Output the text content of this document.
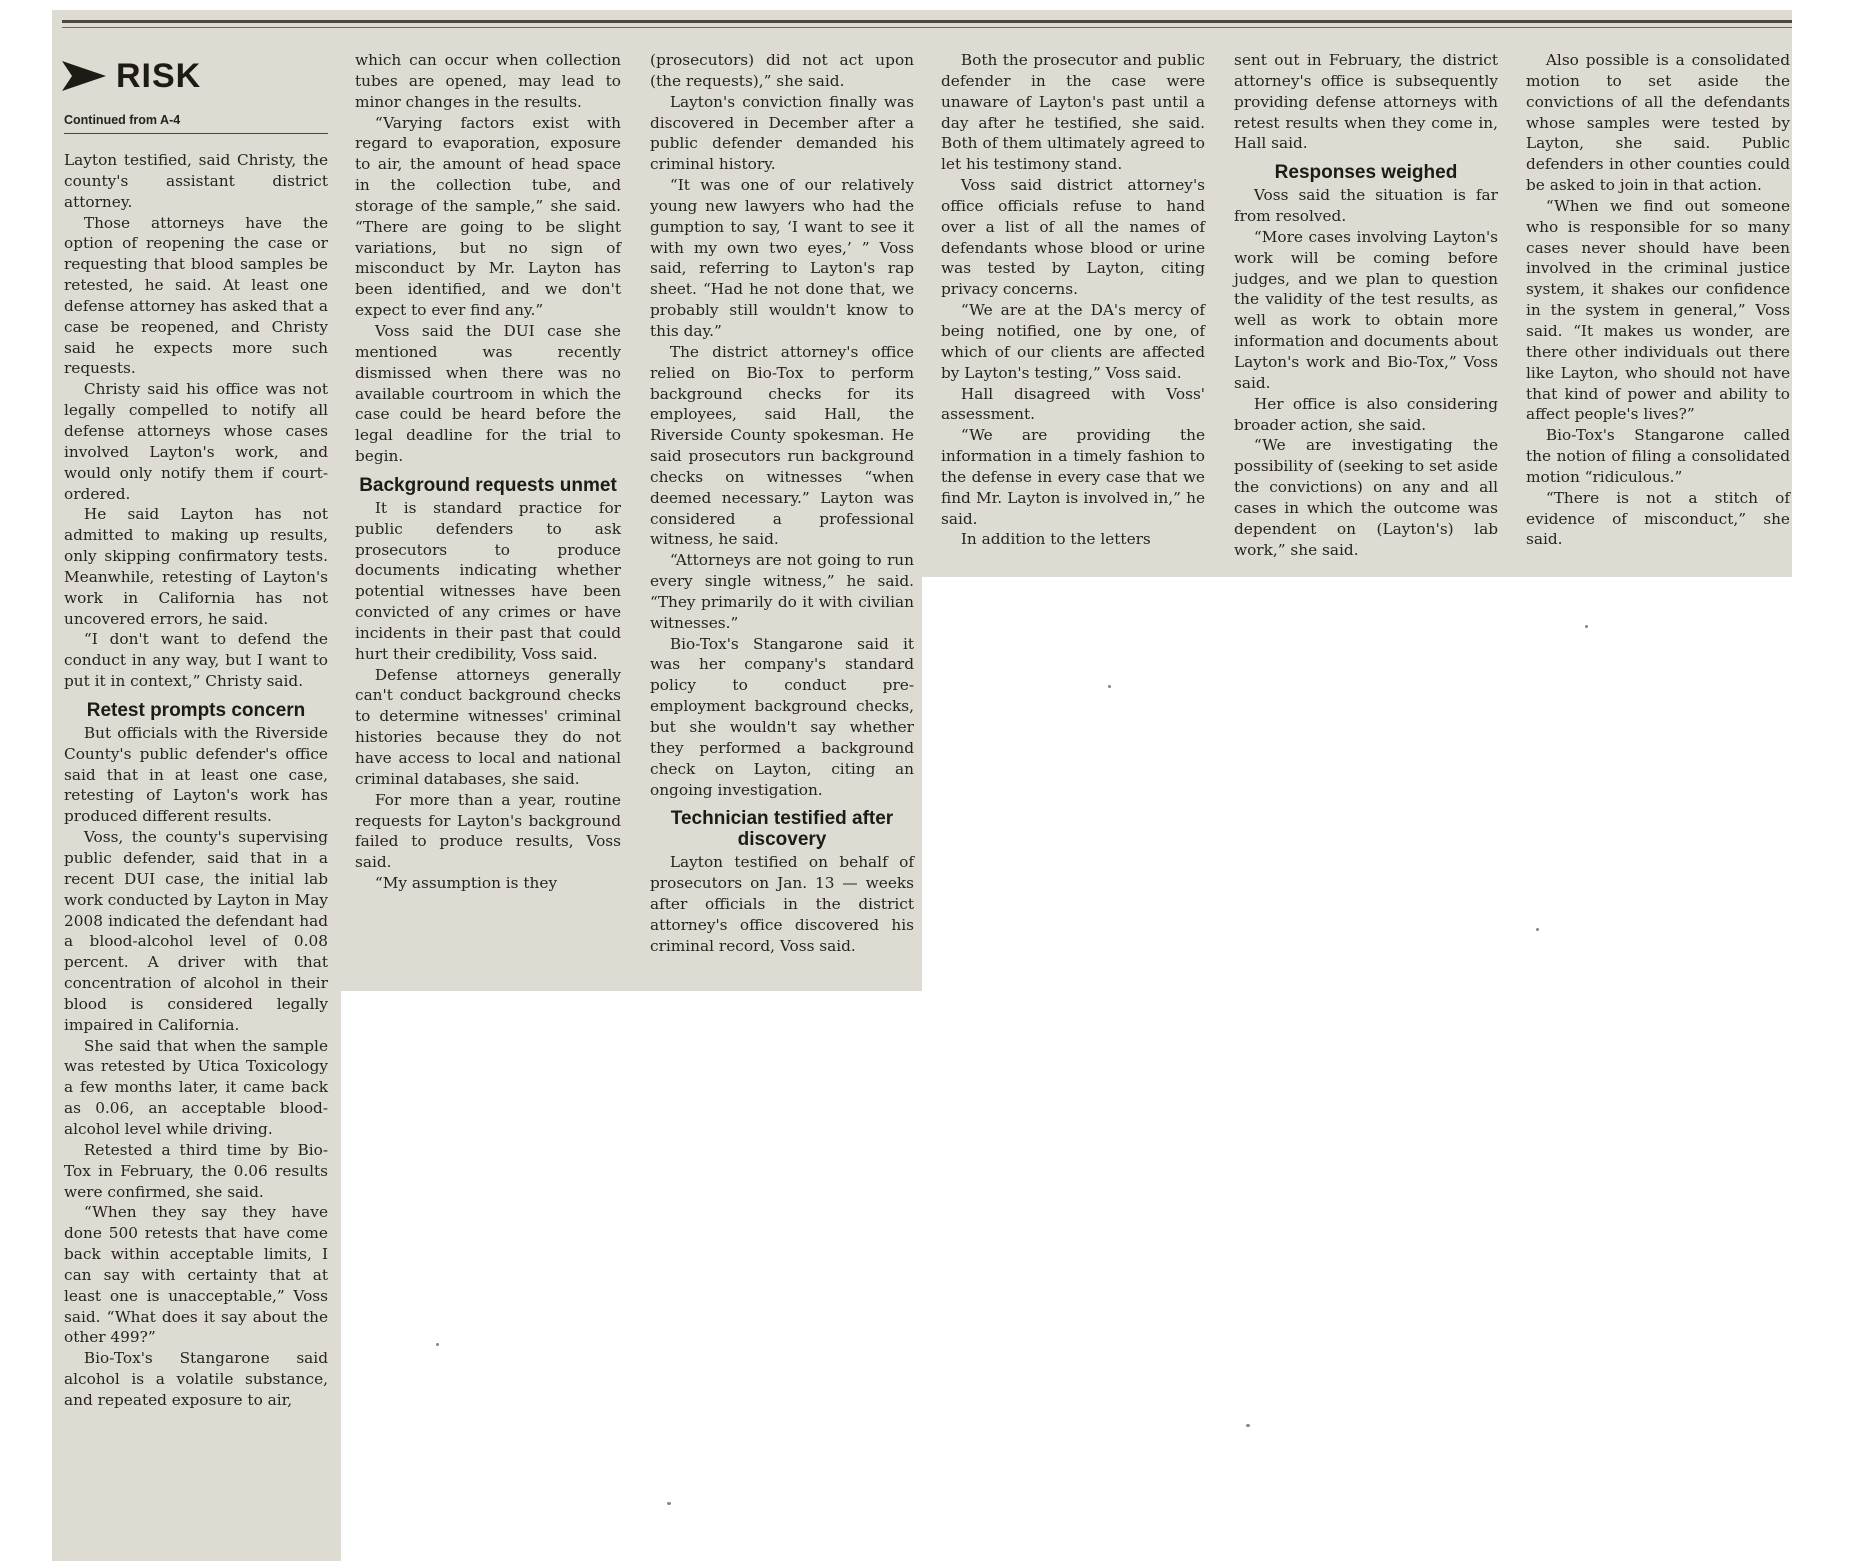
RISK
Continued from A-4

Layton testified, said Christy, the county's assistant district attorney.

Those attorneys have the option of reopening the case or requesting that blood samples be retested, he said. At least one defense attorney has asked that a case be reopened, and Christy said he expects more such requests.

Christy said his office was not legally compelled to notify all defense attorneys whose cases involved Layton's work, and would only notify them if court-ordered.

He said Layton has not admitted to making up results, only skipping confirmatory tests. Meanwhile, retesting of Layton's work in California has not uncovered errors, he said.

“I don't want to defend the conduct in any way, but I want to put it in context,” Christy said.

Retest prompts concern

But officials with the Riverside County's public defender's office said that in at least one case, retesting of Layton's work has produced different results.

Voss, the county's supervising public defender, said that in a recent DUI case, the initial lab work conducted by Layton in May 2008 indicated the defendant had a blood-alcohol level of 0.08 percent. A driver with that concentration of alcohol in their blood is considered legally impaired in California.

She said that when the sample was retested by Utica Toxicology a few months later, it came back as 0.06, an acceptable blood-alcohol level while driving.

Retested a third time by Bio-Tox in February, the 0.06 results were confirmed, she said.

“When they say they have done 500 retests that have come back within acceptable limits, I can say with certainty that at least one is unacceptable,” Voss said. “What does it say about the other 499?”

Bio-Tox's Stangarone said alcohol is a volatile substance, and repeated exposure to air,

which can occur when collection tubes are opened, may lead to minor changes in the results.

“Varying factors exist with regard to evaporation, exposure to air, the amount of head space in the collection tube, and storage of the sample,” she said. “There are going to be slight variations, but no sign of misconduct by Mr. Layton has been identified, and we don't expect to ever find any.”

Voss said the DUI case she mentioned was recently dismissed when there was no available courtroom in which the case could be heard before the legal deadline for the trial to begin.

Background requests unmet

It is standard practice for public defenders to ask prosecutors to produce documents indicating whether potential witnesses have been convicted of any crimes or have incidents in their past that could hurt their credibility, Voss said.

Defense attorneys generally can't conduct background checks to determine witnesses' criminal histories because they do not have access to local and national criminal databases, she said.

For more than a year, routine requests for Layton's background failed to produce results, Voss said.

“My assumption is they

(prosecutors) did not act upon (the requests),” she said.

Layton's conviction finally was discovered in December after a public defender demanded his criminal history.

“It was one of our relatively young new lawyers who had the gumption to say, ‘I want to see it with my own two eyes,’ ” Voss said, referring to Layton's rap sheet. “Had he not done that, we probably still wouldn't know to this day.”

The district attorney's office relied on Bio-Tox to perform background checks for its employees, said Hall, the Riverside County spokesman. He said prosecutors run background checks on witnesses “when deemed necessary.” Layton was considered a professional witness, he said.

“Attorneys are not going to run every single witness,” he said. “They primarily do it with civilian witnesses.”

Bio-Tox's Stangarone said it was her company's standard policy to conduct pre-employment background checks, but she wouldn't say whether they performed a background check on Layton, citing an ongoing investigation.

Technician testified after discovery

Layton testified on behalf of prosecutors on Jan. 13 — weeks after officials in the district attorney's office discovered his criminal record, Voss said.

Both the prosecutor and public defender in the case were unaware of Layton's past until a day after he testified, she said. Both of them ultimately agreed to let his testimony stand.

Voss said district attorney's office officials refuse to hand over a list of all the names of defendants whose blood or urine was tested by Layton, citing privacy concerns.

“We are at the DA's mercy of being notified, one by one, of which of our clients are affected by Layton's testing,” Voss said.

Hall disagreed with Voss' assessment.

“We are providing the information in a timely fashion to the defense in every case that we find Mr. Layton is involved in,” he said.

In addition to the letters

sent out in February, the district attorney's office is subsequently providing defense attorneys with retest results when they come in, Hall said.

Responses weighed

Voss said the situation is far from resolved.

“More cases involving Layton's work will be coming before judges, and we plan to question the validity of the test results, as well as work to obtain more information and documents about Layton's work and Bio-Tox,” Voss said.

Her office is also considering broader action, she said.

“We are investigating the possibility of (seeking to set aside the convictions) on any and all cases in which the outcome was dependent on (Layton's) lab work,” she said.

Also possible is a consolidated motion to set aside the convictions of all the defendants whose samples were tested by Layton, she said. Public defenders in other counties could be asked to join in that action.

“When we find out someone who is responsible for so many cases never should have been involved in the criminal justice system, it shakes our confidence in the system in general,” Voss said. “It makes us wonder, are there other individuals out there like Layton, who should not have that kind of power and ability to affect people's lives?”

Bio-Tox's Stangarone called the notion of filing a consolidated motion “ridiculous.”

“There is not a stitch of evidence of misconduct,” she said.
